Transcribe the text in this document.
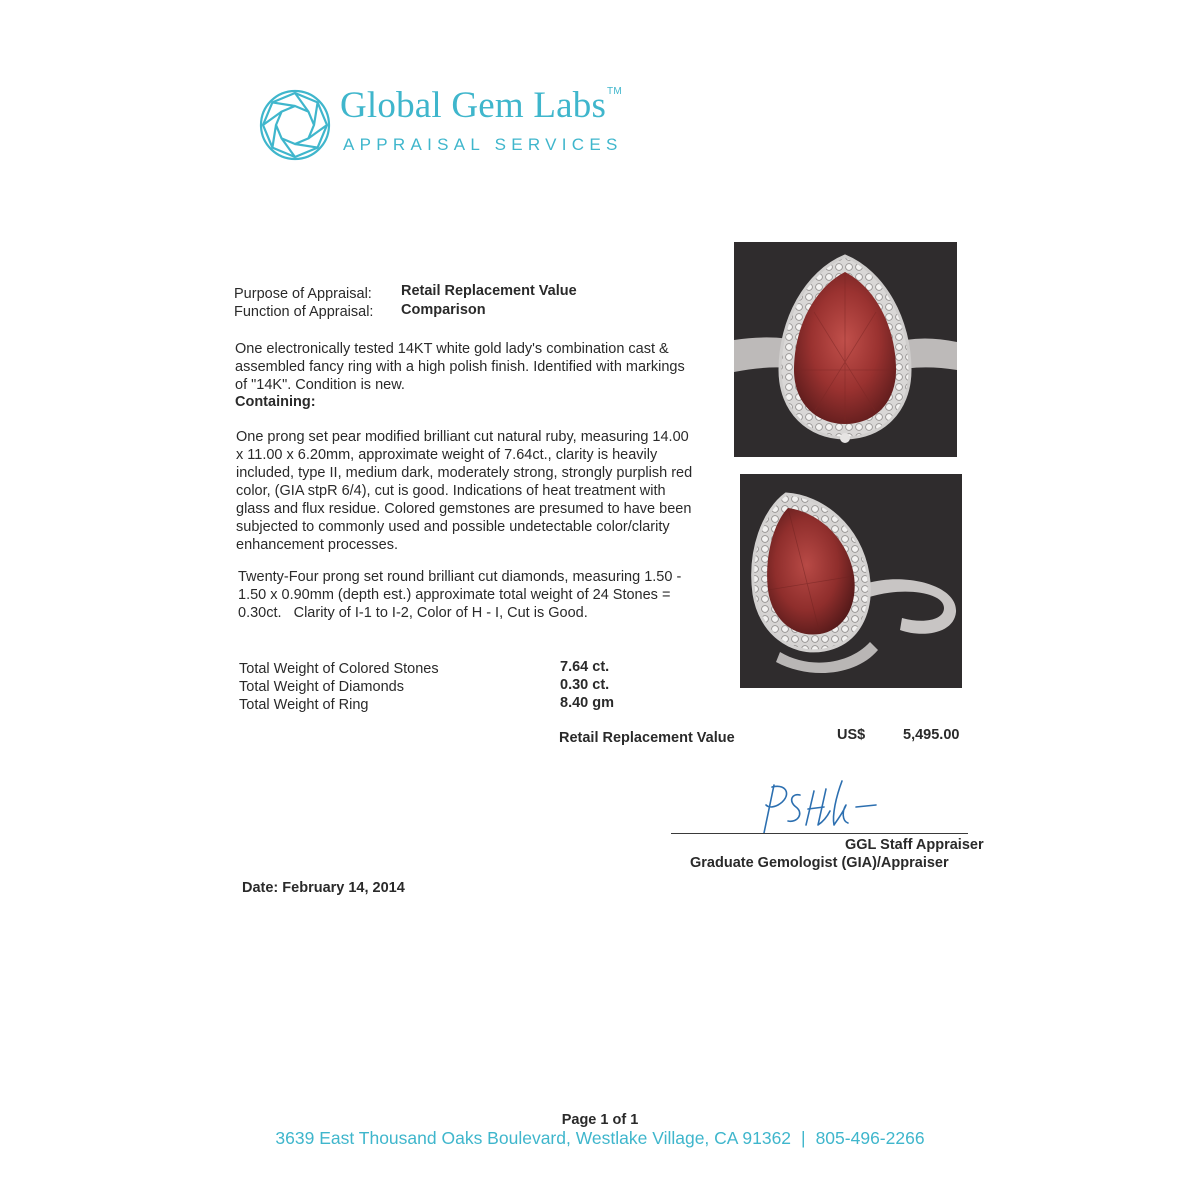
Global Gem Labs™
APPRAISAL SERVICES
Purpose of Appraisal: Retail Replacement Value
Function of Appraisal: Comparison

One electronically tested 14KT white gold lady's combination cast &

assembled fancy ring with a high polish finish. Identified with markings

of "14K". Condition is new.

Containing:

One prong set pear modified brilliant cut natural ruby, measuring 14.00

x 11.00 x 6.20mm, approximate weight of 7.64ct., clarity is heavily

included, type II, medium dark, moderately strong, strongly purplish red

color, (GIA stpR 6/4), cut is good. Indications of heat treatment with

glass and flux residue. Colored gemstones are presumed to have been

subjected to commonly used and possible undetectable color/clarity

enhancement processes.

Twenty-Four prong set round brilliant cut diamonds, measuring 1.50 -

1.50 x 0.90mm (depth est.) approximate total weight of 24 Stones =

0.30ct.   Clarity of I-1 to I-2, Color of H - I, Cut is Good.

Total Weight of Colored Stones	7.64 ct.
Total Weight of Diamonds	0.30 ct.
Total Weight of Ring	8.40 gm
Retail Replacement Value	US$	5,495.00
GGL Staff Appraiser
Graduate Gemologist (GIA)/Appraiser
Date: February 14, 2014
Page 1 of 1
3639 East Thousand Oaks Boulevard, Westlake Village, CA 91362 | 805-496-2266
